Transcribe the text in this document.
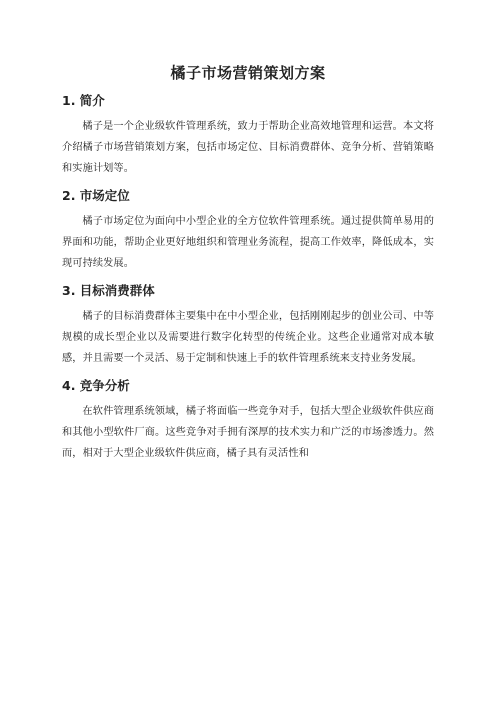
橘子市场营销策划方案
1. 简介

橘子是一个企业级软件管理系统，致力于帮助企业高效地管理和运营。本文将介绍橘子市场营销策划方案，包括市场定位、目标消费群体、竞争分析、营销策略和实施计划等。

2. 市场定位

橘子市场定位为面向中小型企业的全方位软件管理系统。通过提供简单易用的界面和功能，帮助企业更好地组织和管理业务流程，提高工作效率，降低成本，实现可持续发展。

3. 目标消费群体

橘子的目标消费群体主要集中在中小型企业，包括刚刚起步的创业公司、中等规模的成长型企业以及需要进行数字化转型的传统企业。这些企业通常对成本敏感，并且需要一个灵活、易于定制和快速上手的软件管理系统来支持业务发展。

4. 竞争分析

在软件管理系统领域，橘子将面临一些竞争对手，包括大型企业级软件供应商和其他小型软件厂商。这些竞争对手拥有深厚的技术实力和广泛的市场渗透力。然而，相对于大型企业级软件供应商，橘子具有灵活性和
